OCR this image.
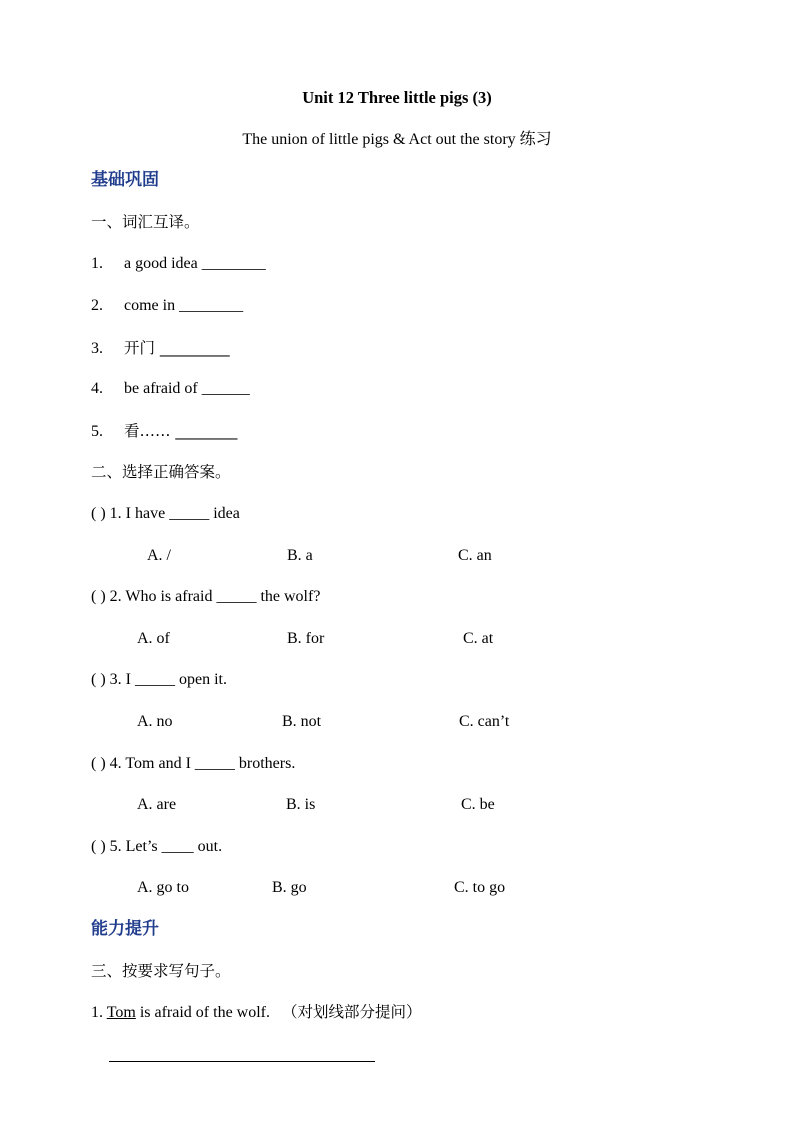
Unit 12 Three little pigs (3)
The union of little pigs & Act out the story 练习
基础巩固
一、词汇互译。
1. a good idea ________
2. come in ________
3. 开门 _________
4. be afraid of ______
5. 看…… ________
二、选择正确答案。
( ) 1. I have _____ idea
A. /	B. a	C. an
( ) 2. Who is afraid _____ the wolf?
A. of	B. for	C. at
( ) 3. I _____ open it.
A. no	B. not	C. can’t
( ) 4. Tom and I _____ brothers.
A. are	B. is	C. be
( ) 5. Let’s ____ out.
A. go to	B. go	C. to go
能力提升
三、按要求写句子。
1. Tom is afraid of the wolf. （对划线部分提问）
